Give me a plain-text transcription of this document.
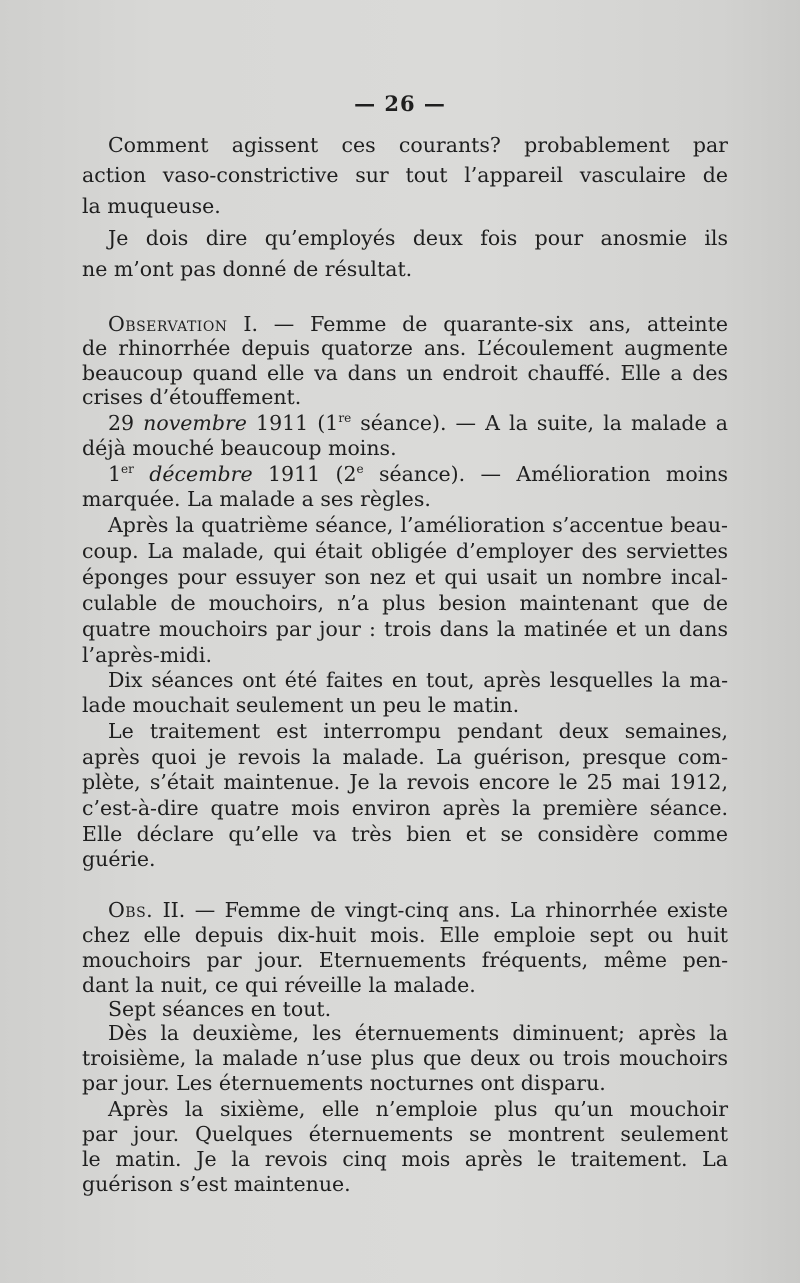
— 26 —
Comment agissent ces courants? probablement par
action vaso-constrictive sur tout l’appareil vasculaire de
la muqueuse.
Je dois dire qu’employés deux fois pour anosmie ils
ne m’ont pas donné de résultat.
Observation I. — Femme de quarante-six ans, atteinte
de rhinorrhée depuis quatorze ans. L’écoulement augmente
beaucoup quand elle va dans un endroit chauffé. Elle a des
crises d’étouffement.
29 novembre 1911 (1re séance). — A la suite, la malade a
déjà mouché beaucoup moins.
1er décembre 1911 (2e séance). — Amélioration moins
marquée. La malade a ses règles.
Après la quatrième séance, l’amélioration s’accentue beau-
coup. La malade, qui était obligée d’employer des serviettes
éponges pour essuyer son nez et qui usait un nombre incal-
culable de mouchoirs, n’a plus besion maintenant que de
quatre mouchoirs par jour : trois dans la matinée et un dans
l’après-midi.
Dix séances ont été faites en tout, après lesquelles la ma-
lade mouchait seulement un peu le matin.
Le traitement est interrompu pendant deux semaines,
après quoi je revois la malade. La guérison, presque com-
plète, s’était maintenue. Je la revois encore le 25 mai 1912,
c’est-à-dire quatre mois environ après la première séance.
Elle déclare qu’elle va très bien et se considère comme
guérie.
Obs. II. — Femme de vingt-cinq ans. La rhinorrhée existe
chez elle depuis dix-huit mois. Elle emploie sept ou huit
mouchoirs par jour. Eternuements fréquents, même pen-
dant la nuit, ce qui réveille la malade.
Sept séances en tout.
Dès la deuxième, les éternuements diminuent; après la
troisième, la malade n’use plus que deux ou trois mouchoirs
par jour. Les éternuements nocturnes ont disparu.
Après la sixième, elle n’emploie plus qu’un mouchoir
par jour. Quelques éternuements se montrent seulement
le matin. Je la revois cinq mois après le traitement. La
guérison s’est maintenue.
